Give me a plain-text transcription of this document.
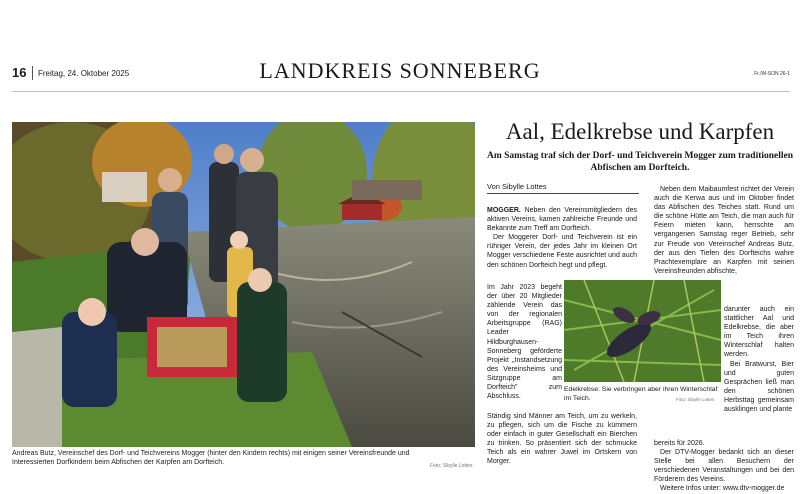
16 Freitag, 24. Oktober 2025	LANDKREIS SONNEBERG	Fr./W-SON 26-1
Andreas Butz, Vereinschef des Dorf- und Teichvereins Mogger (hinter den Kindern rechts) mit einigen seiner Vereinsfreunde und Interessierten Dorfkindern beim Abfischen der Karpfen am Dorfteich.	Foto: Sibylle Lottes
Aal, Edelkrebse und Karpfen
Am Samstag traf sich der Dorf- und Teichverein Mogger zum traditionellen Abfischen am Dorfteich.
Von Sibylle Lottes

MOGGER. Neben den Vereinsmitgliedern des aktiven Vereins, kamen zahlreiche Freunde und Bekannte zum Treff am Dorfteich.

Der Moggerer Dorf- und Teichverein ist ein rühriger Verein, der jedes Jahr im kleinen Ort Mogger verschiedene Feste ausrichtet und auch den schönen Dorfteich hegt und pflegt.

Im Jahr 2023 begeht der über 20 Mitglieder zählende Verein das von der regionalen Arbeitsgruppe (RAG) Leader Hildburghausen-Sonneberg geförderte Projekt „Instandsetzung des Vereinsheims und Sitzgruppe am Dorfteich" zum Abschluss.

Ständig sind Männer am Teich, um zu werkeln, zu pflegen, sich um die Fische zu kümmern oder einfach in guter Gesellschaft ein Bierchen zu trinken. So präsentiert sich der schmucke Teich als ein wahrer Juwel im Ortskern von Morger.

Neben dem Maibaumfest richtet der Verein auch die Kerwa aus und im Oktober findet das Abfischen des Teiches statt. Rund um die schöne Hütte am Teich, die man auch für Feiern mieten kann, herrschte am vergangenen Samstag reger Betrieb, sehr zur Freude von Vereinschef Andreas Butz, der aus den Tiefen des Dorfteichs wahre Prachtexemplare an Karpfen mit seinen Vereinsfreunden abfischte,

darunter auch ein stattlicher Aal und Edelkrebse, die aber im Teich ihren Winterschlaf halten werden.

Bei Bratwurst, Bier und guten Gesprächen ließ man den schönen Herbsttag gemeinsam ausklingen und plante

bereits für 2026.

Der DTV-Mogger bedankt sich an dieser Stelle bei allen Besuchern der verschiedenen Veranstaltungen und bei den Förderern des Vereins.

Weitere Infos unter: www.dtv-mogger.de

Edelkrebse: Sie verbringen aber ihren Winterschlaf im Teich.	Foto: Sibylle Lottes
